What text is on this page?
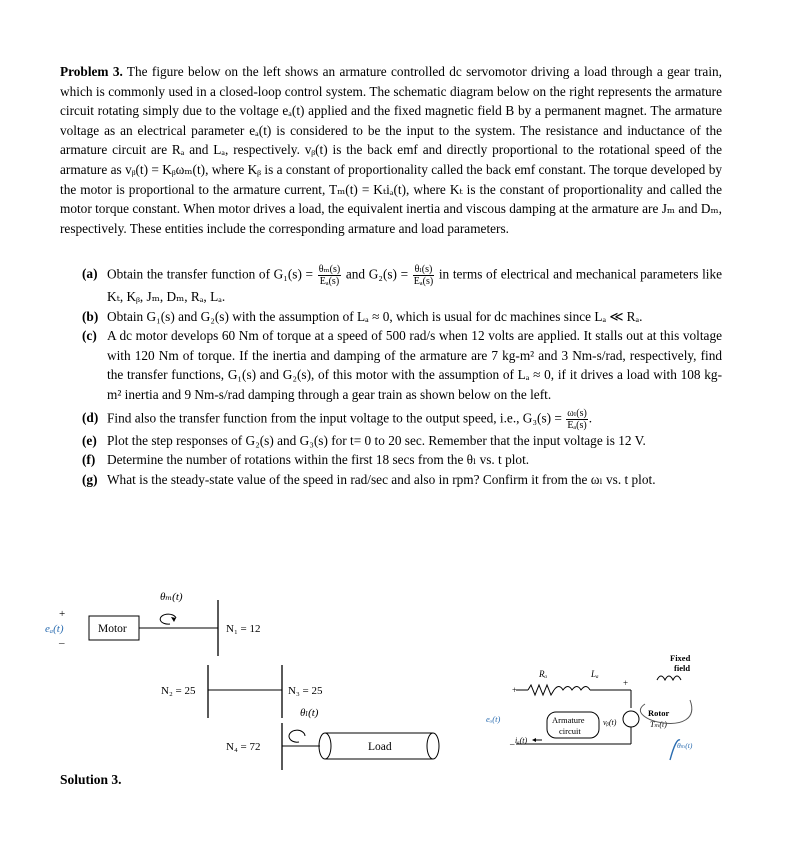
Problem 3. The figure below on the left shows an armature controlled dc servomotor driving a load through a gear train, which is commonly used in a closed-loop control system. The schematic diagram below on the right represents the armature circuit rotating simply due to the voltage eₐ(t) applied and the fixed magnetic field B by a permanent magnet. The armature voltage as an electrical parameter eₐ(t) is considered to be the input to the system. The resistance and inductance of the armature circuit are Rₐ and Lₐ, respectively. vᵦ(t) is the back emf and directly proportional to the rotational speed of the armature as vᵦ(t) = Kᵦωₘ(t), where Kᵦ is a constant of proportionality called the back emf constant. The torque developed by the motor is proportional to the armature current, Tₘ(t) = Kₜiₐ(t), where Kₜ is the constant of proportionality and called the motor torque constant. When motor drives a load, the equivalent inertia and viscous damping at the armature are Jₘ and Dₘ, respectively. These entities include the corresponding armature and load parameters.
(a) Obtain the transfer function of $G_1(s) = \frac{\text{θₘ(s)}}{\text{Eₐ(s)}}$ and $G_2(s) = \frac{\text{θₗ(s)}}{\text{Eₐ(s)}}$ in terms of electrical and mechanical parameters like Kₜ, Kᵦ, Jₘ, Dₘ, Rₐ, Lₐ.
(b) Obtain G₁(s) and G₂(s) with the assumption of Lₐ ≈ 0, which is usual for dc machines since Lₐ ≪ Rₐ.
(c) A dc motor develops 60 Nm of torque at a speed of 500 rad/s when 12 volts are applied. It stalls out at this voltage with 120 Nm of torque. If the inertia and damping of the armature are 7 kg-m² and 3 Nm-s/rad, respectively, find the transfer functions, G₁(s) and G₂(s), of this motor with the assumption of Lₐ ≈ 0, if it drives a load with 108 kg-m² inertia and 9 Nm-s/rad damping through a gear train as shown below on the left.
(d) Find also the transfer function from the input voltage to the output speed, i.e., $G_3(s) = \frac{\text{ωₗ(s)}}{\text{Eₐ(s)}}$ .
(e) Plot the step responses of G₂(s) and G₃(s) for t= 0 to 20 sec. Remember that the input voltage is 12 V.
(f) Determine the number of rotations within the first 18 secs from the θₗ vs. t plot.
(g) What is the steady-state value of the speed in rad/sec and also in rpm? Confirm it from the ωₗ vs. t plot.
θₘ(t)
+
eₐ(t)
–
Motor	N₁ = 12
N₂ = 25	N₃ = 25
θₗ(t)
N₄ = 72	Load
Rₐ	Lₐ
Fixed
field
+
+
eₐ(t)	Armature
circuit
vᵦ(t)
– iₐ(t)
Rotor
Tₘ(t)
θₘ(t)
Solution 3.
